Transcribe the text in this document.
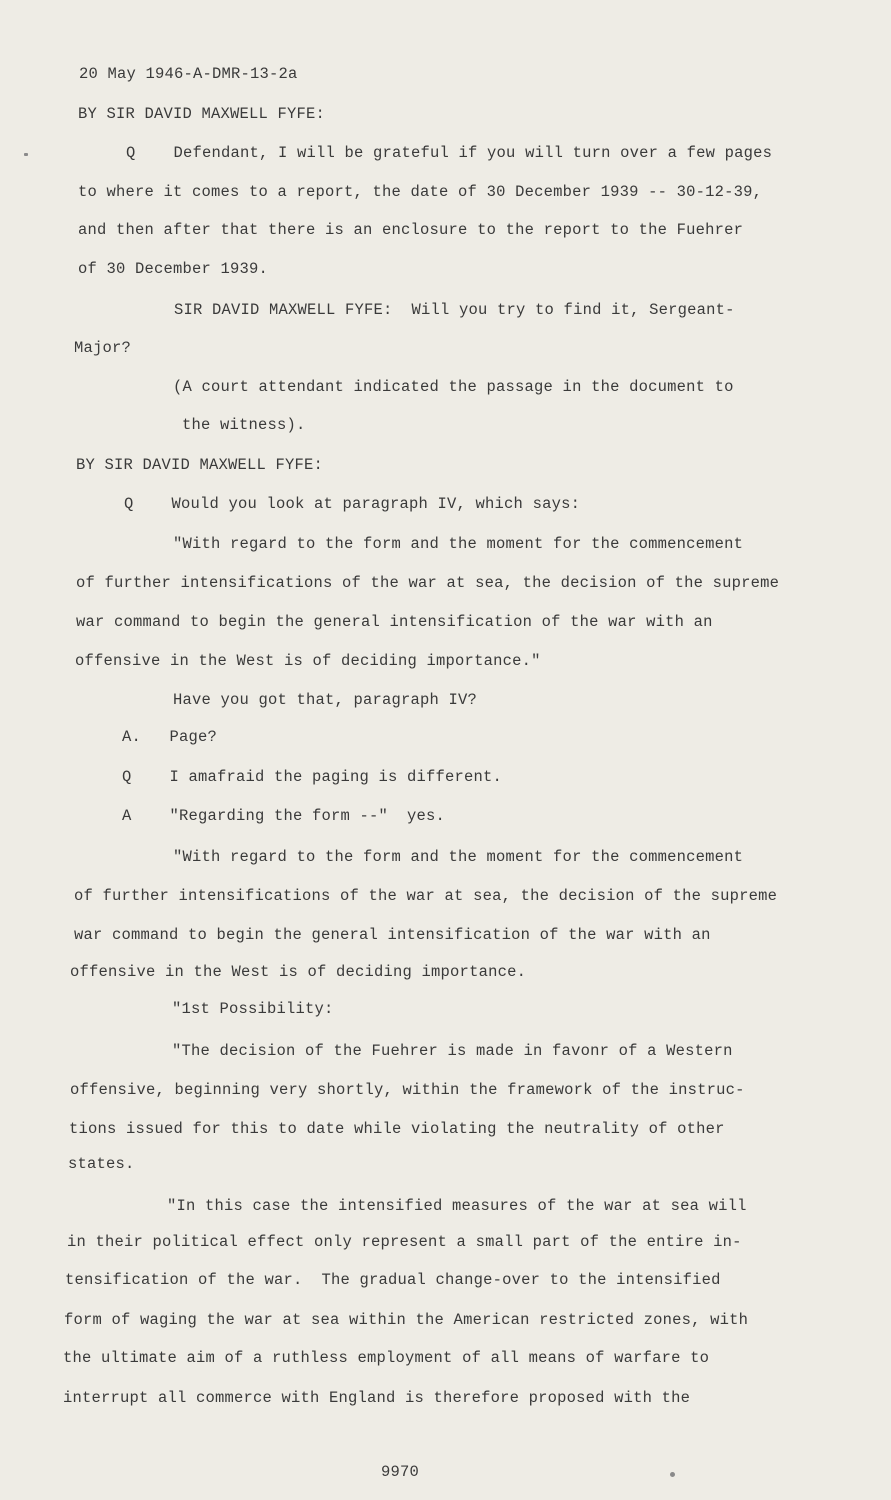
20 May 1946-A-DMR-13-2a
BY SIR DAVID MAXWELL FYFE:
Q    Defendant, I will be grateful if you will turn over a few pages
to where it comes to a report, the date of 30 December 1939 -- 30-12-39,
and then after that there is an enclosure to the report to the Fuehrer
of 30 December 1939.
SIR DAVID MAXWELL FYFE:  Will you try to find it, Sergeant-
Major?
(A court attendant indicated the passage in the document to
the witness).
BY SIR DAVID MAXWELL FYFE:
Q    Would you look at paragraph IV, which says:
"With regard to the form and the moment for the commencement
of further intensifications of the war at sea, the decision of the supreme
war command to begin the general intensification of the war with an
offensive in the West is of deciding importance."
Have you got that, paragraph IV?
A.   Page?
Q    I amafraid the paging is different.
A    "Regarding the form --"  yes.
"With regard to the form and the moment for the commencement
of further intensifications of the war at sea, the decision of the supreme
war command to begin the general intensification of the war with an
offensive in the West is of deciding importance.
"1st Possibility:
"The decision of the Fuehrer is made in favonr of a Western
offensive, beginning very shortly, within the framework of the instruc-
tions issued for this to date while violating the neutrality of other
states.
"In this case the intensified measures of the war at sea will
in their political effect only represent a small part of the entire in-
tensification of the war.  The gradual change-over to the intensified
form of waging the war at sea within the American restricted zones, with
the ultimate aim of a ruthless employment of all means of warfare to
interrupt all commerce with England is therefore proposed with the
9970
